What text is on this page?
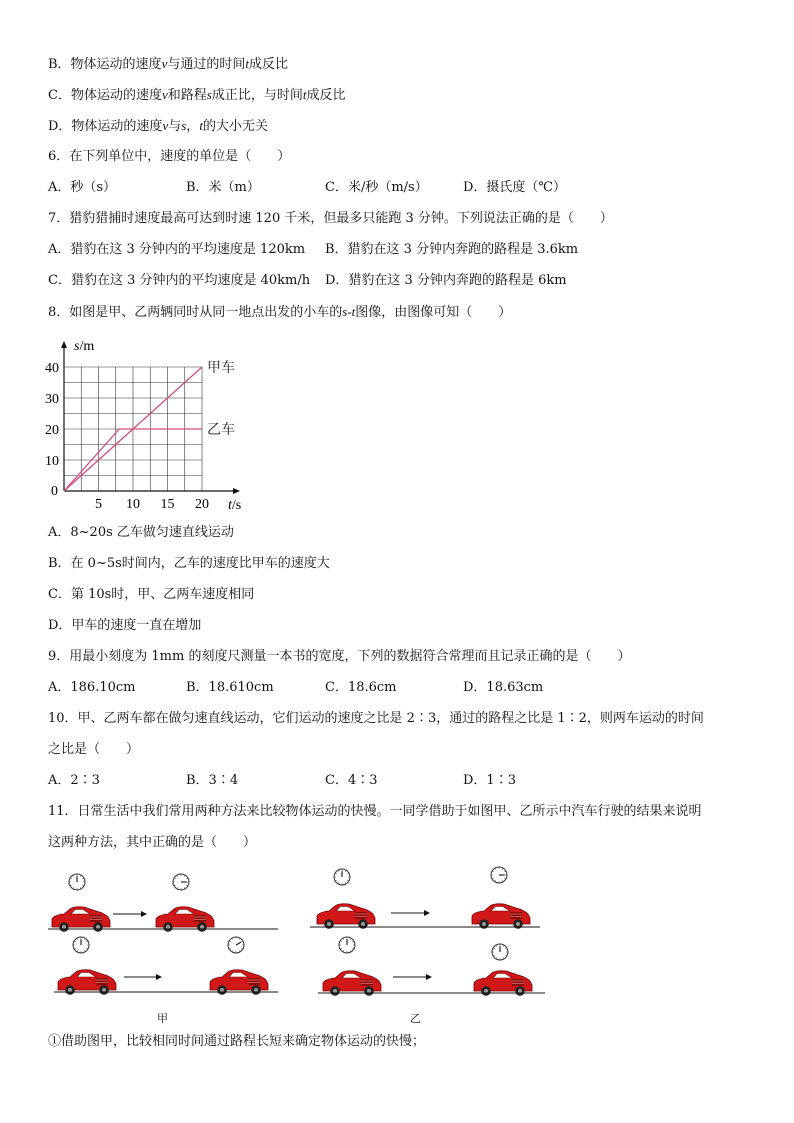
B．物体运动的速度v与通过的时间t成反比
C．物体运动的速度v和路程s成正比，与时间t成反比
D．物体运动的速度v与s，t的大小无关
6．在下列单位中，速度的单位是（　　）
A．秒（s）	B．米（m）	C．米/秒（m/s）	D．摄氏度（℃）
7．猎豹猎捕时速度最高可达到时速 120 千米，但最多只能跑 3 分钟。下列说法正确的是（　　）
A．猎豹在这 3 分钟内的平均速度是 120km B．猎豹在这 3 分钟内奔跑的路程是 3.6km
C．猎豹在这 3 分钟内的平均速度是 40km/h D．猎豹在这 3 分钟内奔跑的路程是 6km
8．如图是甲、乙两辆同时从同一地点出发的小车的s-t图像，由图像可知（　　）
甲车
乙车
5 10 15 20
10
20
30
40
0
s/m
t/s
A．8~20s 乙车做匀速直线运动
B．在 0~5s时间内，乙车的速度比甲车的速度大
C．第 10s时，甲、乙两车速度相同
D．甲车的速度一直在增加
9．用最小刻度为 1mm 的刻度尺测量一本书的宽度，下列的数据符合常理而且记录正确的是（　　）
A．186.10cm	B．18.610cm	C．18.6cm	D．18.63cm
10．甲、乙两车都在做匀速直线运动，它们运动的速度之比是 2∶3，通过的路程之比是 1∶2，则两车运动的时间
之比是（　　）
A．2∶3	B．3∶4	C．4∶3	D．1∶3
11．日常生活中我们常用两种方法来比较物体运动的快慢。一同学借助于如图甲、乙所示中汽车行驶的结果来说明
这两种方法，其中正确的是（　　）
甲	乙
①借助图甲，比较相同时间通过路程长短来确定物体运动的快慢；
